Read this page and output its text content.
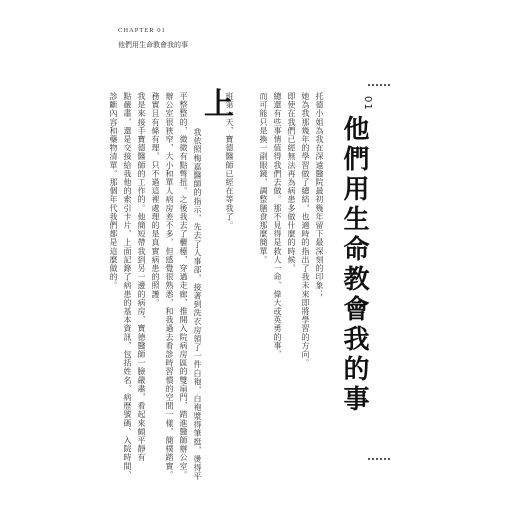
CHAPTER 01
他們用生命教會我的事
01
他們用生命教會我的事
托德小姐為我在深遠醫院最初幾年留下最深刻的印象；
她為我那幾年的學習做了總結，也適時的指出了我未來即將學習的方向。
即使在我們已經無法再為病患多做什麼的時候，
總還有些事情值得我們去做。那不見得是救人一命、偉大或英勇的事，
而可能只是換一副眼鏡，調整膳食那麼簡單。
上
班第一天，寶德醫師已經在等我了。
我依照梅嘉醫師的指示，先去了人事部，接著到洗衣房領了一件白袍，白袍漿得筆挺，燙得平
平整整的，微微有點彆扭。之後我去了櫃檯，穿過走廊，推開入院病房區的雙扇門，踏進醫師辦公室。
辦公室很狹窄，大小和單人病房差不多，但感覺很熟悉，和我過去看診時習慣的空間一樣，簡樸踏實。
務實且有條有理，只不過這裡處理的是真實病患的照護。
我是來接手寶德醫師的工作的。他簡短帶我到另一邊的病房，寶德醫師一臉嚴肅，看起來頗平靜有
點嚴肅，還是交接給我他的索引卡片，上面記錄了病患的基本資訊，包括姓名、病歷號碼、入院時間、
診斷內容和藥物清單。那個年代我們都是這麼做的。
